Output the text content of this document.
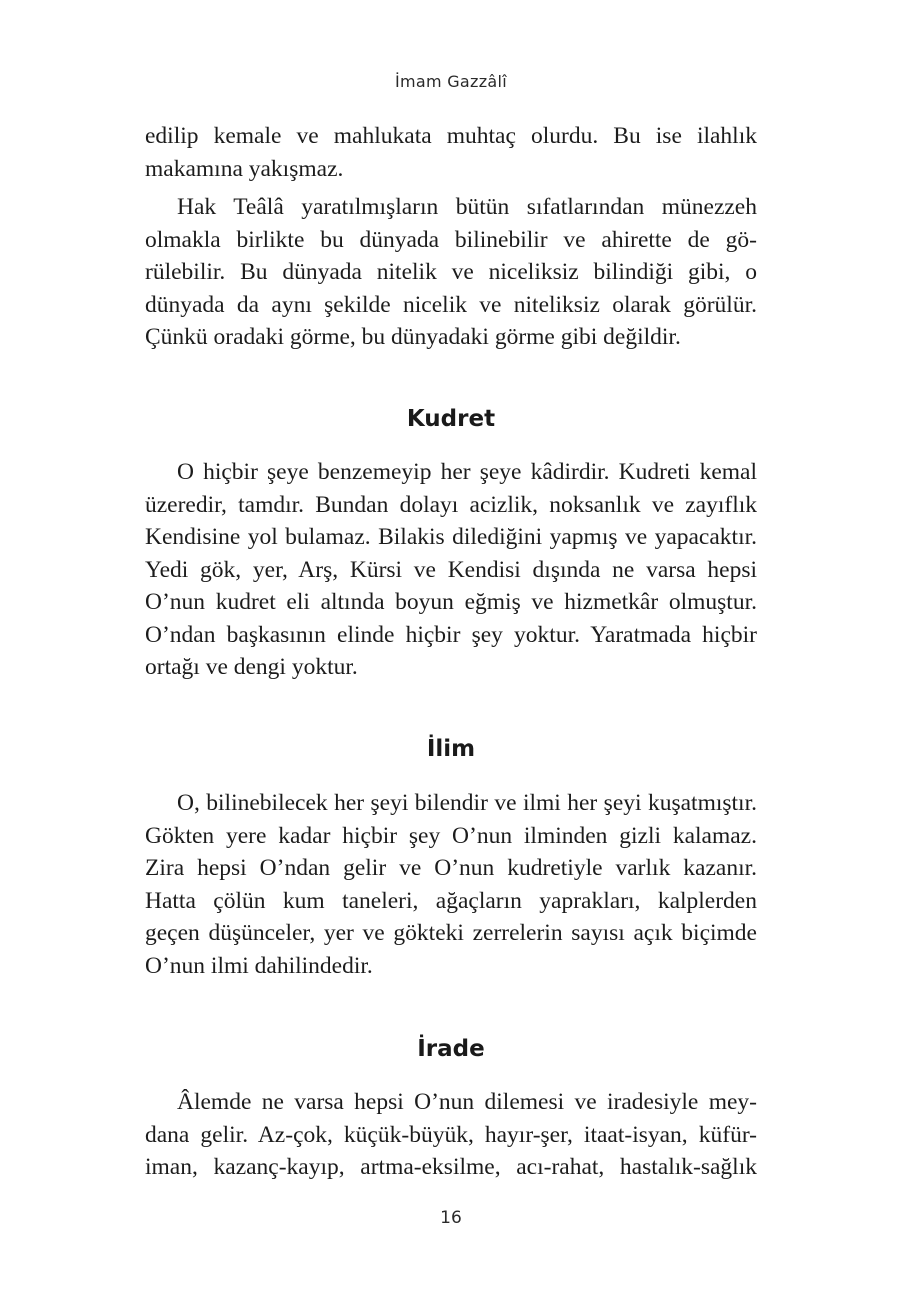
İmam Gazzâlî
edilip kemale ve mahlukata muhtaç olurdu. Bu ise ilahlık
makamına yakışmaz.
Hak Teâlâ yaratılmışların bütün sıfatlarından münezzeh
olmakla birlikte bu dünyada bilinebilir ve ahirette de gö-
rülebilir. Bu dünyada nitelik ve niceliksiz bilindiği gibi, o
dünyada da aynı şekilde nicelik ve niteliksiz olarak görülür.
Çünkü oradaki görme, bu dünyadaki görme gibi değildir.
Kudret
O hiçbir şeye benzemeyip her şeye kâdirdir. Kudreti kemal
üzeredir, tamdır. Bundan dolayı acizlik, noksanlık ve zayıflık
Kendisine yol bulamaz. Bilakis dilediğini yapmış ve yapacaktır.
Yedi gök, yer, Arş, Kürsi ve Kendisi dışında ne varsa hepsi
O’nun kudret eli altında boyun eğmiş ve hizmetkâr olmuştur.
O’ndan başkasının elinde hiçbir şey yoktur. Yaratmada hiçbir
ortağı ve dengi yoktur.
İlim
O, bilinebilecek her şeyi bilendir ve ilmi her şeyi kuşatmıştır.
Gökten yere kadar hiçbir şey O’nun ilminden gizli kalamaz.
Zira hepsi O’ndan gelir ve O’nun kudretiyle varlık kazanır.
Hatta çölün kum taneleri, ağaçların yaprakları, kalplerden
geçen düşünceler, yer ve gökteki zerrelerin sayısı açık biçimde
O’nun ilmi dahilindedir.
İrade
Âlemde ne varsa hepsi O’nun dilemesi ve iradesiyle mey-
dana gelir. Az-çok, küçük-büyük, hayır-şer, itaat-isyan, küfür-
iman, kazanç-kayıp, artma-eksilme, acı-rahat, hastalık-sağlık
16
